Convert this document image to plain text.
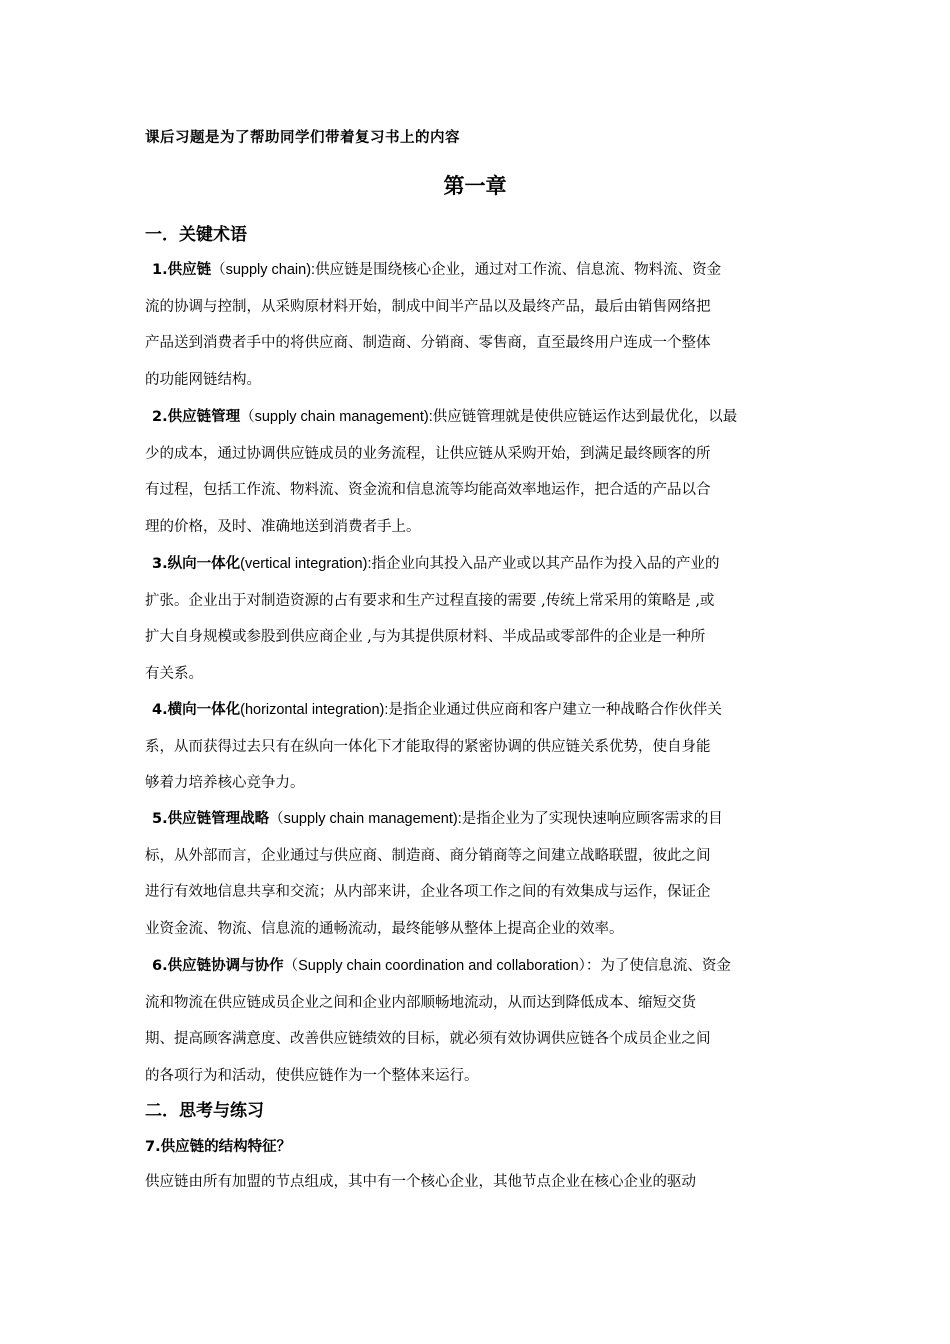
课后习题是为了帮助同学们带着复习书上的内容
第一章
一．关键术语
1.供应链（supply chain):供应链是围绕核心企业，通过对工作流、信息流、物料流、资金
流的协调与控制，从采购原材料开始，制成中间半产品以及最终产品，最后由销售网络把
产品送到消费者手中的将供应商、制造商、分销商、零售商，直至最终用户连成一个整体
的功能网链结构。
2.供应链管理（supply chain management):供应链管理就是使供应链运作达到最优化，以最
少的成本，通过协调供应链成员的业务流程，让供应链从采购开始，到满足最终顾客的所
有过程，包括工作流、物料流、资金流和信息流等均能高效率地运作，把合适的产品以合
理的价格，及时、准确地送到消费者手上。
3.纵向一体化(vertical integration):指企业向其投入品产业或以其产品作为投入品的产业的
扩张。企业出于对制造资源的占有要求和生产过程直接的需要 ,传统上常采用的策略是 ,或
扩大自身规模或参股到供应商企业 ,与为其提供原材料、半成品或零部件的企业是一种所
有关系。
4.横向一体化(horizontal integration):是指企业通过供应商和客户建立一种战略合作伙伴关
系，从而获得过去只有在纵向一体化下才能取得的紧密协调的供应链关系优势，使自身能
够着力培养核心竞争力。
5.供应链管理战略（supply chain management):是指企业为了实现快速响应顾客需求的目
标，从外部而言，企业通过与供应商、制造商、商分销商等之间建立战略联盟，彼此之间
进行有效地信息共享和交流；从内部来讲，企业各项工作之间的有效集成与运作，保证企
业资金流、物流、信息流的通畅流动，最终能够从整体上提高企业的效率。
6.供应链协调与协作（Supply chain coordination and collaboration）：为了使信息流、资金
流和物流在供应链成员企业之间和企业内部顺畅地流动，从而达到降低成本、缩短交货
期、提高顾客满意度、改善供应链绩效的目标，就必须有效协调供应链各个成员企业之间
的各项行为和活动，使供应链作为一个整体来运行。
二．思考与练习
7.供应链的结构特征？
供应链由所有加盟的节点组成，其中有一个核心企业，其他节点企业在核心企业的驱动
